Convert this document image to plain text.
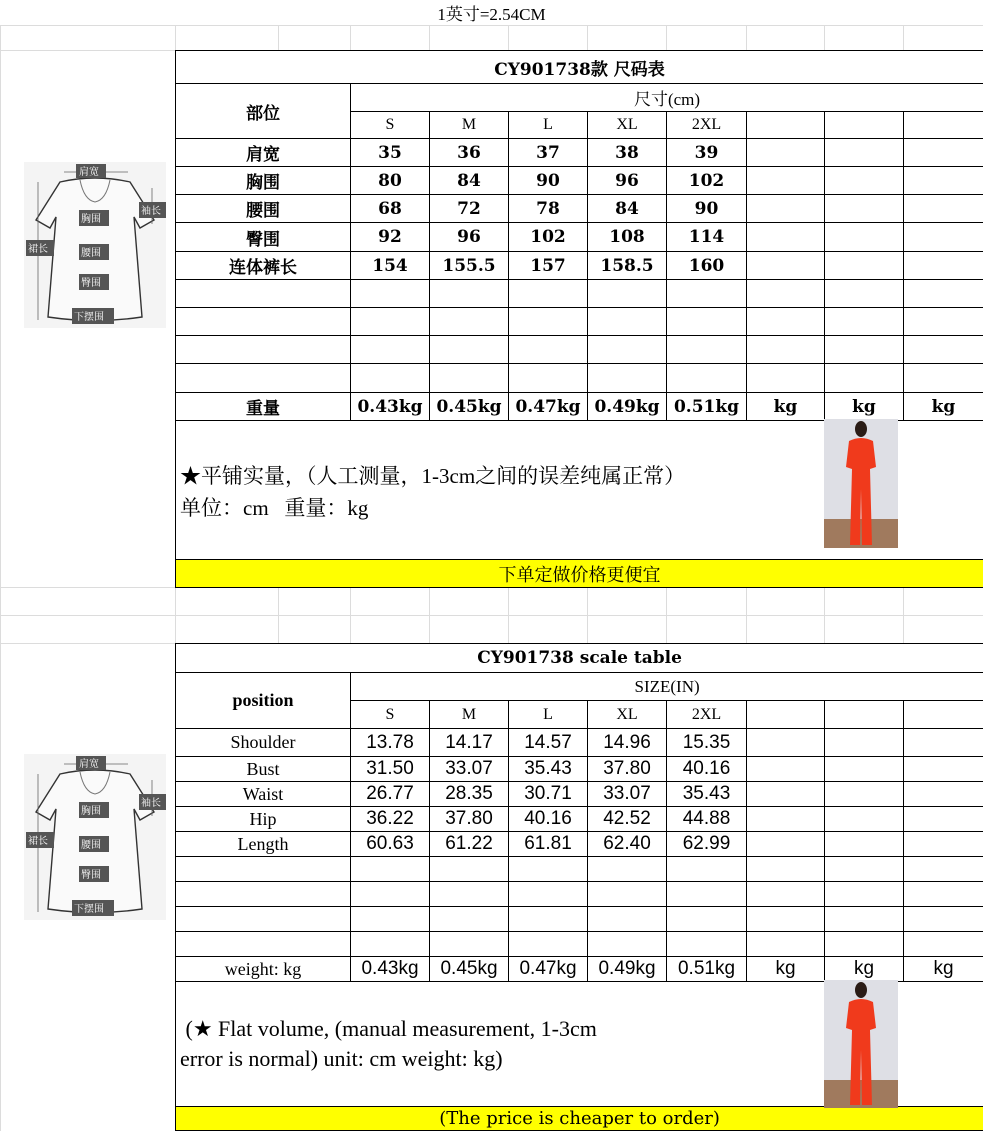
1英寸=2.54CM
肩宽
袖长
胸围
裙长	腰围
臀围
下摆围
肩宽
袖长
胸围
裙长	腰围
臀围
下摆围
CY901738款 尺码表								
部位	尺寸(cm)							
	S	M	L	XL	2XL			
肩宽	35	36	37	38	39			
胸围	80	84	90	96	102			
腰围	68	72	78	84	90			
臀围	92	96	102	108	114			
连体裤长	154	155.5	157	158.5	160			

重量	0.43kg	0.45kg	0.47kg	0.49kg	0.51kg	kg	kg	kg

★平铺实量，（人工测量，1-3cm之间的误差纯属正常）
单位：cm   重量：kg								

下单定做价格更便宜								
CY901738 scale table								
position	SIZE(IN)							
	S	M	L	XL	2XL			
Shoulder	13.78	14.17	14.57	14.96	15.35			
Bust	31.50	33.07	35.43	37.80	40.16			
Waist	26.77	28.35	30.71	33.07	35.43			
Hip	36.22	37.80	40.16	42.52	44.88			
Length	60.63	61.22	61.81	62.40	62.99			

weight: kg	0.43kg	0.45kg	0.47kg	0.49kg	0.51kg	kg	kg	kg

(★ Flat volume, (manual measurement, 1-3cm
error is normal) unit: cm weight: kg)								

(The price is cheaper to order)								
